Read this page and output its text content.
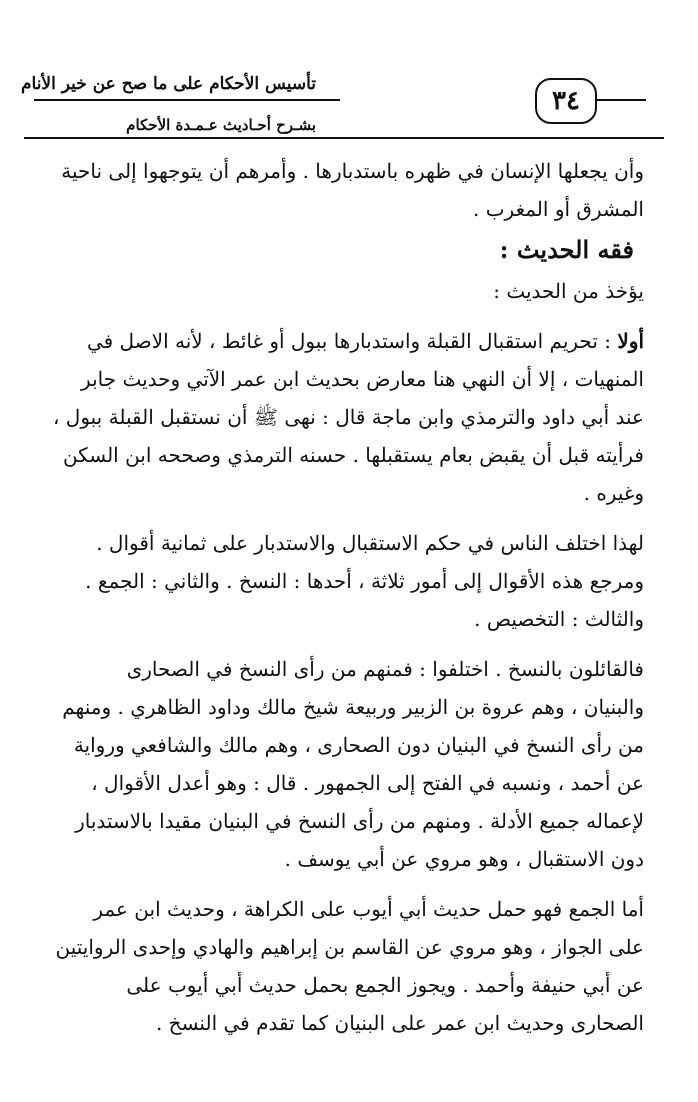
تأسيس الأحكام على ما صح عن خير الأنام
بشـرح أحـاديث عـمـدة الأحكام
٣٤
وأن يجعلها الإنسان في ظهره باستدبارها . وأمرهم أن يتوجهوا إلى ناحية
المشرق أو المغرب .
فقه الحديث :
يؤخذ من الحديث :
أولا : تحريم استقبال القبلة واستدبارها ببول أو غائط ، لأنه الاصل في
المنهيات ، إلا أن النهي هنا معارض بحديث ابن عمر الآتي وحديث جابر
عند أبي داود والترمذي وابن ماجة قال : نهى ﷺ أن نستقبل القبلة ببول ،
فرأيته قبل أن يقبض بعام يستقبلها . حسنه الترمذي وصححه ابن السكن
وغيره .
لهذا اختلف الناس في حكم الاستقبال والاستدبار على ثمانية أقوال .
ومرجع هذه الأقوال إلى أمور ثلاثة ، أحدها : النسخ . والثاني : الجمع .
والثالث : التخصيص .
فالقائلون بالنسخ . اختلفوا : فمنهم من رأى النسخ في الصحارى
والبنيان ، وهم عروة بن الزبير وربيعة شيخ مالك وداود الظاهري . ومنهم
من رأى النسخ في البنيان دون الصحارى ، وهم مالك والشافعي ورواية
عن أحمد ، ونسبه في الفتح إلى الجمهور . قال : وهو أعدل الأقوال ،
لإعماله جميع الأدلة . ومنهم من رأى النسخ في البنيان مقيدا بالاستدبار
دون الاستقبال ، وهو مروي عن أبي يوسف .
أما الجمع فهو حمل حديث أبي أيوب على الكراهة ، وحديث ابن عمر
على الجواز ، وهو مروي عن القاسم بن إبراهيم والهادي وإحدى الروايتين
عن أبي حنيفة وأحمد . ويجوز الجمع بحمل حديث أبي أيوب على
الصحارى وحديث ابن عمر على البنيان كما تقدم في النسخ .
